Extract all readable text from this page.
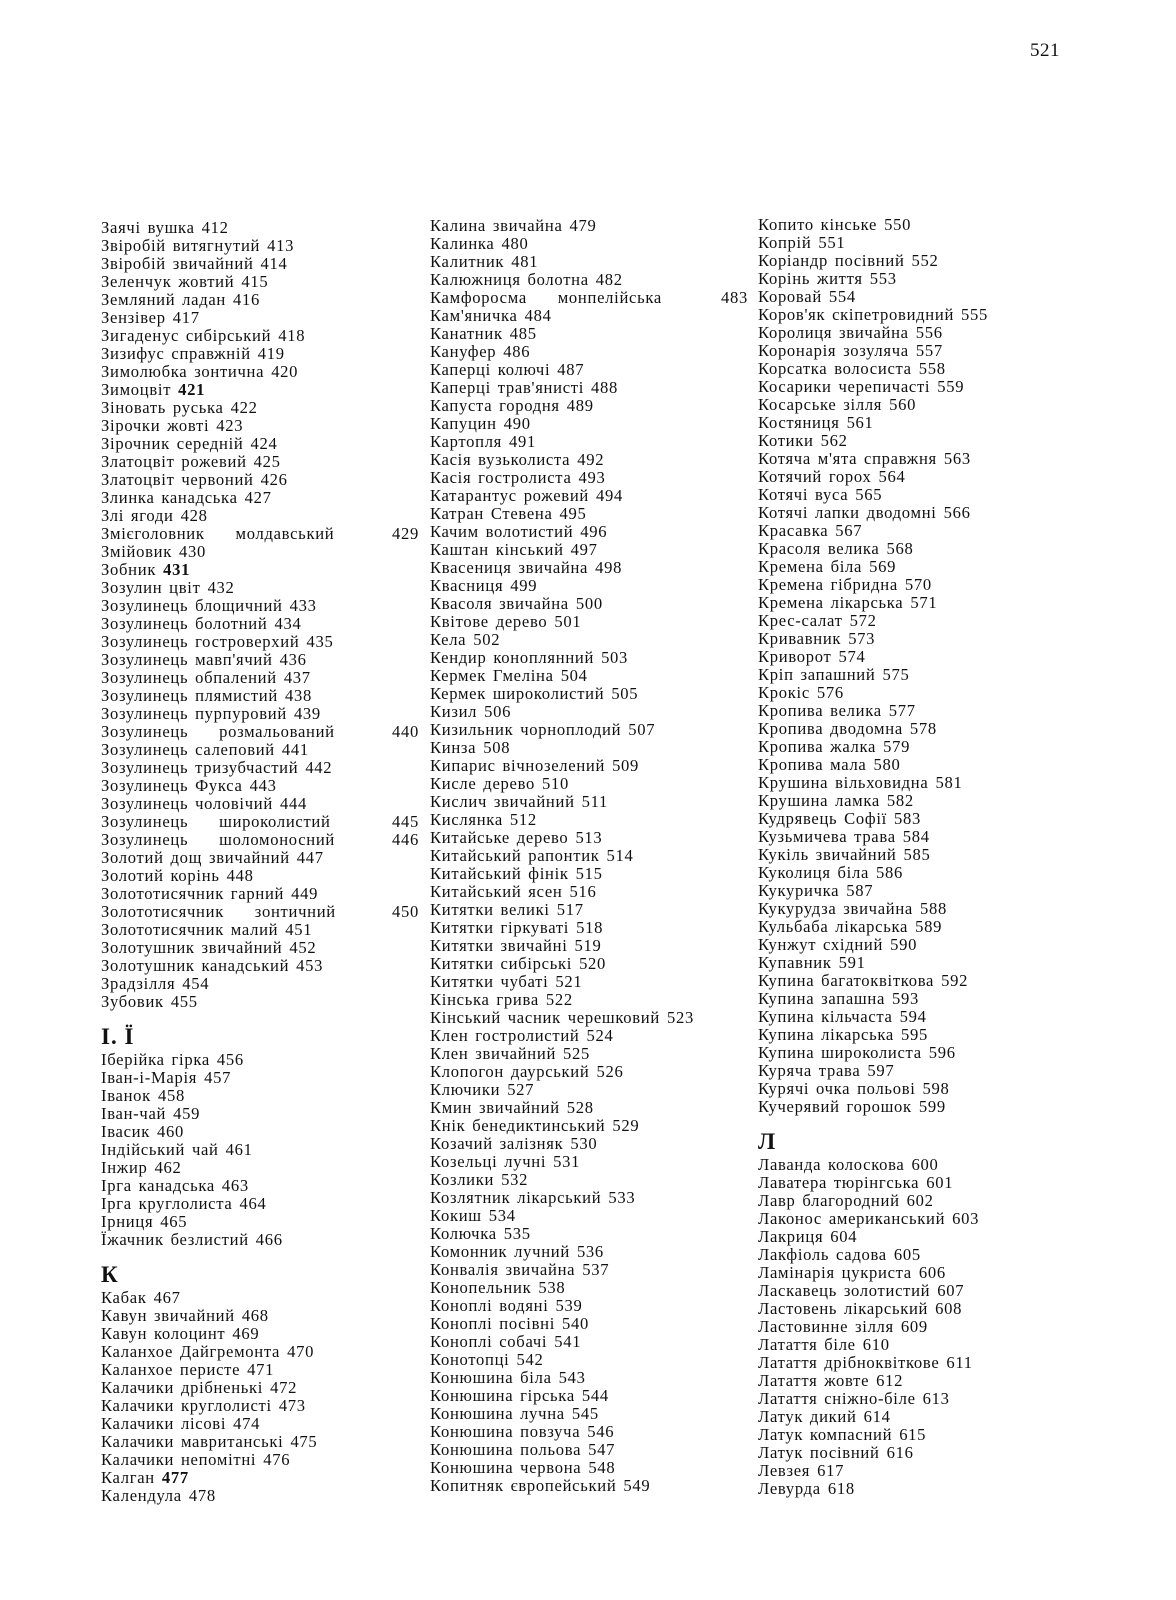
521
Заячі вушка 412
Звіробій витягнутий 413
Звіробій звичайний 414
Зеленчук жовтий 415
Земляний ладан 416
Зензівер 417
Зигаденус сибірський 418
Зизифус справжній 419
Зимолюбка зонтична 420
Зимоцвіт 421
Зіновать руська 422
Зірочки жовті 423
Зірочник середній 424
Златоцвіт рожевий 425
Златоцвіт червоний 426
Злинка канадська 427
Злі ягоди 428
Змієголовник молдавський	429
Змійовик 430
Зобник 431
Зозулин цвіт 432
Зозулинець блощичний 433
Зозулинець болотний 434
Зозулинець гостроверхий 435
Зозулинець мавп'ячий 436
Зозулинець обпалений 437
Зозулинець плямистий 438
Зозулинець пурпуровий 439
Зозулинець розмальований	440
Зозулинець салеповий 441
Зозулинець тризубчастий 442
Зозулинець Фукса 443
Зозулинець чоловічий 444
Зозулинець широколистий	445
Зозулинець шоломоносний	446
Золотий дощ звичайний 447
Золотий корінь 448
Золототисячник гарний 449
Золототисячник зонтичний	450
Золототисячник малий 451
Золотушник звичайний 452
Золотушник канадський 453
Зрадзілля 454
Зубовик 455
І. Ї
Іберійка гірка 456
Іван-і-Марія 457
Іванок 458
Іван-чай 459
Івасик 460
Індійський чай 461
Інжир 462
Ірга канадська 463
Ірга круглолиста 464
Ірниця 465
Їжачник безлистий 466
К
Кабак 467
Кавун звичайний 468
Кавун колоцинт 469
Каланхое Дайгремонта 470
Каланхое перисте 471
Калачики дрібненькі 472
Калачики круглолисті 473
Калачики лісові 474
Калачики мавританські 475
Калачики непомітні 476
Калган 477
Календула 478
Калина звичайна 479
Калинка 480
Калитник 481
Калюжниця болотна 482
Камфоросма монпелійська	483
Кам'яничка 484
Канатник 485
Кануфер 486
Каперці колючі 487
Каперці трав'янисті 488
Капуста городня 489
Капуцин 490
Картопля 491
Касія вузьколиста 492
Касія гостролиста 493
Катарантус рожевий 494
Катран Стевена 495
Качим волотистий 496
Каштан кінський 497
Квасениця звичайна 498
Квасниця 499
Квасоля звичайна 500
Квітове дерево 501
Кела 502
Кендир коноплянний 503
Кермек Гмеліна 504
Кермек широколистий 505
Кизил 506
Кизильник чорноплодий 507
Кинза 508
Кипарис вічнозелений 509
Кисле дерево 510
Кислич звичайний 511
Кислянка 512
Китайське дерево 513
Китайський рапонтик 514
Китайський фінік 515
Китайський ясен 516
Китятки великі 517
Китятки гіркуваті 518
Китятки звичайні 519
Китятки сибірські 520
Китятки чубаті 521
Кінська грива 522
Кінський часник черешковий 523
Клен гостролистий 524
Клен звичайний 525
Клопогон даурський 526
Ключики 527
Кмин звичайний 528
Кнік бенедиктинський 529
Козачий залізняк 530
Козельці лучні 531
Козлики 532
Козлятник лікарський 533
Кокиш 534
Колючка 535
Комонник лучний 536
Конвалія звичайна 537
Конопельник 538
Коноплі водяні 539
Коноплі посівні 540
Коноплі собачі 541
Конотопці 542
Конюшина біла 543
Конюшина гірська 544
Конюшина лучна 545
Конюшина повзуча 546
Конюшина польова 547
Конюшина червона 548
Копитняк європейський 549
Копито кінське 550
Копрій 551
Коріандр посівний 552
Корінь життя 553
Коровай 554
Коров'як скіпетровидний 555
Королиця звичайна 556
Коронарія зозуляча 557
Корсатка волосиста 558
Косарики черепичасті 559
Косарське зілля 560
Костяниця 561
Котики 562
Котяча м'ята справжня 563
Котячий горох 564
Котячі вуса 565
Котячі лапки дводомні 566
Красавка 567
Красоля велика 568
Кремена біла 569
Кремена гібридна 570
Кремена лікарська 571
Крес-салат 572
Кривавник 573
Криворот 574
Кріп запашний 575
Крокіс 576
Кропива велика 577
Кропива дводомна 578
Кропива жалка 579
Кропива мала 580
Крушина вільховидна 581
Крушина ламка 582
Кудрявець Софії 583
Кузьмичева трава 584
Кукіль звичайний 585
Куколиця біла 586
Кукуричка 587
Кукурудза звичайна 588
Кульбаба лікарська 589
Кунжут східний 590
Купавник 591
Купина багатоквіткова 592
Купина запашна 593
Купина кільчаста 594
Купина лікарська 595
Купина широколиста 596
Куряча трава 597
Курячі очка польові 598
Кучерявий горошок 599
Л
Лаванда колоскова 600
Лаватера тюрінгська 601
Лавр благородний 602
Лаконос американський 603
Лакриця 604
Лакфіоль садова 605
Ламінарія цукриста 606
Ласкавець золотистий 607
Ластовень лікарський 608
Ластовинне зілля 609
Латаття біле 610
Латаття дрібноквіткове 611
Латаття жовте 612
Латаття сніжно-біле 613
Латук дикий 614
Латук компасний 615
Латук посівний 616
Левзея 617
Левурда 618
